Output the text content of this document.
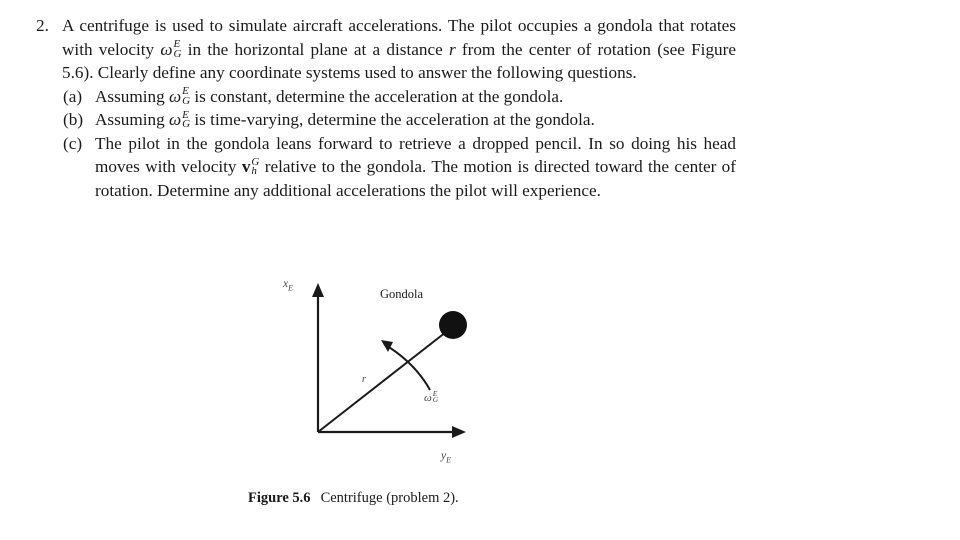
2. A centrifuge is used to simulate aircraft accelerations. The pilot occupies a gondola that rotates with velocity ω E
G in the horizontal plane at a distance r from the center of rotation (see Figure 5.6). Clearly define any coordinate systems used to answer the following questions.
(a) Assuming ω E
G is constant, determine the acceleration at the gondola.
(b) Assuming ω E
G is time-varying, determine the acceleration at the gondola.
(c) The pilot in the gondola leans forward to retrieve a dropped pencil. In so doing his head moves with velocity v G
h relative to the gondola. The motion is directed toward the center of rotation. Determine any additional accelerations the pilot will experience.
$x_E$
$y_E$
Gondola
r
ω E
G
Figure 5.6 Centrifuge (problem 2).
